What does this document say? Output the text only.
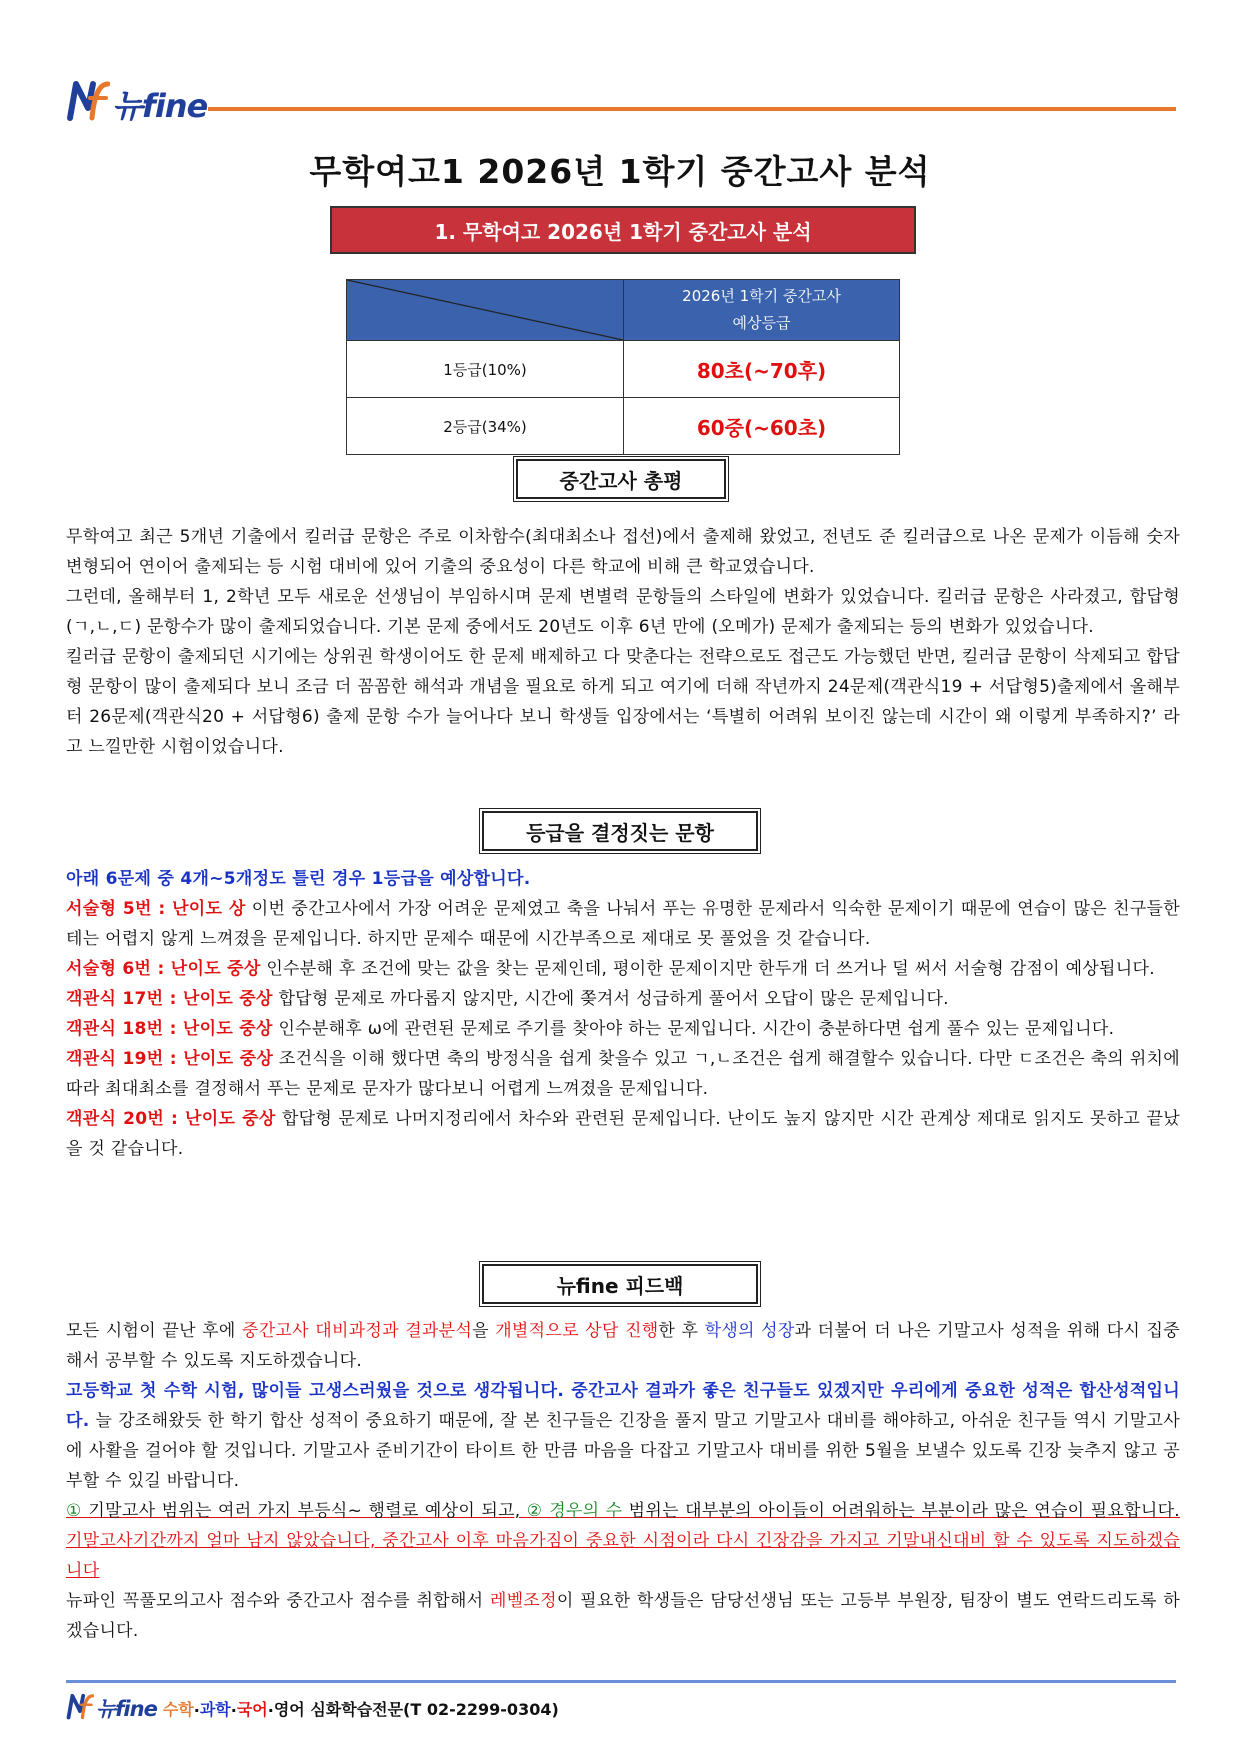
뉴fine
무학여고1 2026년 1학기 중간고사 분석
1. 무학여고 2026년 1학기 중간고사 분석

2026년 1학기 중간고사
예상등급

1등급(10%)	80초(~70후)
2등급(34%)	60중(~60초)
중간고사 총평

무학여고 최근 5개년 기출에서 킬러급 문항은 주로 이차함수(최대최소나 접선)에서 출제해 왔었고, 전년도 준 킬러급으로 나온 문제가 이듬해 숫자 변형되어 연이어 출제되는 등 시험 대비에 있어 기출의 중요성이 다른 학교에 비해 큰 학교였습니다.

그런데, 올해부터 1, 2학년 모두 새로운 선생님이 부임하시며 문제 변별력 문항들의 스타일에 변화가 있었습니다. 킬러급 문항은 사라졌고, 합답형(ㄱ,ㄴ,ㄷ) 문항수가 많이 출제되었습니다. 기본 문제 중에서도 20년도 이후 6년 만에 (오메가) 문제가 출제되는 등의 변화가 있었습니다.

킬러급 문항이 출제되던 시기에는 상위권 학생이어도 한 문제 배제하고 다 맞춘다는 전략으로도 접근도 가능했던 반면, 킬러급 문항이 삭제되고 합답형 문항이 많이 출제되다 보니 조금 더 꼼꼼한 해석과 개념을 필요로 하게 되고 여기에 더해 작년까지 24문제(객관식19 + 서답형5)출제에서 올해부터 26문제(객관식20 + 서답형6) 출제 문항 수가 늘어나다 보니 학생들 입장에서는 ‘특별히 어려워 보이진 않는데 시간이 왜 이렇게 부족하지?’ 라고 느낄만한 시험이었습니다.

등급을 결정짓는 문항

아래 6문제 중 4개~5개정도 틀린 경우 1등급을 예상합니다.

서술형 5번 : 난이도 상 이번 중간고사에서 가장 어려운 문제였고 축을 나눠서 푸는 유명한 문제라서 익숙한 문제이기 때문에 연습이 많은 친구들한테는 어렵지 않게 느껴졌을 문제입니다. 하지만 문제수 때문에 시간부족으로 제대로 못 풀었을 것 같습니다.

서술형 6번 : 난이도 중상 인수분해 후 조건에 맞는 값을 찾는 문제인데, 평이한 문제이지만 한두개 더 쓰거나 덜 써서 서술형 감점이 예상됩니다.

객관식 17번 : 난이도 중상 합답형 문제로 까다롭지 않지만, 시간에 쫒겨서 성급하게 풀어서 오답이 많은 문제입니다.

객관식 18번 : 난이도 중상 인수분해후 ω에 관련된 문제로 주기를 찾아야 하는 문제입니다. 시간이 충분하다면 쉽게 풀수 있는 문제입니다.

객관식 19번 : 난이도 중상 조건식을 이해 했다면 축의 방정식을 쉽게 찾을수 있고 ㄱ,ㄴ조건은 쉽게 해결할수 있습니다. 다만 ㄷ조건은 축의 위치에 따라 최대최소를 결정해서 푸는 문제로 문자가 많다보니 어렵게 느껴졌을 문제입니다.

객관식 20번 : 난이도 중상 합답형 문제로 나머지정리에서 차수와 관련된 문제입니다. 난이도 높지 않지만 시간 관계상 제대로 읽지도 못하고 끝났을 것 같습니다.

뉴fine 피드백

모든 시험이 끝난 후에 중간고사 대비과정과 결과분석을 개별적으로 상담 진행한 후 학생의 성장과 더불어 더 나은 기말고사 성적을 위해 다시 집중해서 공부할 수 있도록 지도하겠습니다.

고등학교 첫 수학 시험, 많이들 고생스러웠을 것으로 생각됩니다. 중간고사 결과가 좋은 친구들도 있겠지만 우리에게 중요한 성적은 합산성적입니다. 늘 강조해왔듯 한 학기 합산 성적이 중요하기 때문에, 잘 본 친구들은 긴장을 풀지 말고 기말고사 대비를 해야하고, 아쉬운 친구들 역시 기말고사에 사활을 걸어야 할 것입니다. 기말고사 준비기간이 타이트 한 만큼 마음을 다잡고 기말고사 대비를 위한 5월을 보낼수 있도록 긴장 늦추지 않고 공부할 수 있길 바랍니다.

① 기말고사 범위는 여러 가지 부등식~ 행렬로 예상이 되고, ② 경우의 수 범위는 대부분의 아이들이 어려워하는 부분이라 많은 연습이 필요합니다. 기말고사기간까지 얼마 남지 않았습니다, 중간고사 이후 마음가짐이 중요한 시점이라 다시 긴장감을 가지고 기말내신대비 할 수 있도록 지도하겠습니다

뉴파인 꼭풀모의고사 점수와 중간고사 점수를 취합해서 레벨조정이 필요한 학생들은 담당선생님 또는 고등부 부원장, 팀장이 별도 연락드리도록 하겠습니다.

뉴fine 수학 · 과학 · 국어 · 영어 심화학습전문(T 02-2299-0304)
